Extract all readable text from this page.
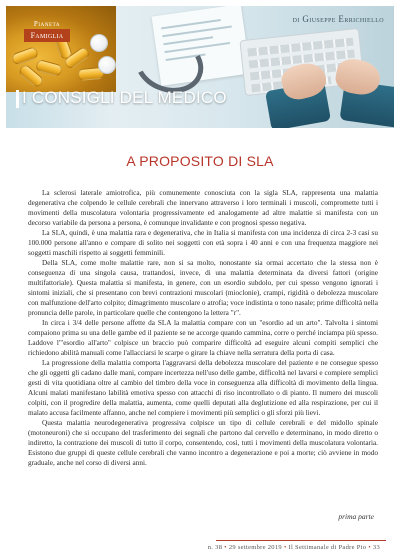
Pianeta
Famiglia
di Giuseppe Errichiello
I CONSIGLI DEL MEDICO
A PROPOSITO DI SLA

La sclerosi laterale amiotrofica, più comunemente conosciuta con la sigla SLA, rappresenta una malattia degenerativa che colpendo le cellule cerebrali che innervano attraverso i loro terminali i muscoli, compromette tutti i movimenti della muscolatura volontaria progressivamente ed analogamente ad altre malattie si manifesta con un decorso variabile da persona a persona, è comunque invalidante e con prognosi spesso negativa.

La SLA, quindi, è una malattia rara e degenerativa, che in Italia si manifesta con una incidenza di circa 2-3 casi su 100.000 persone all'anno e compare di solito nei soggetti con età sopra i 40 anni e con una frequenza maggiore nei soggetti maschili rispetto ai soggetti femminili.

Della SLA, come molte malattie rare, non si sa molto, nonostante sia ormai accertato che la stessa non è conseguenza di una singola causa, trattandosi, invece, di una malattia determinata da diversi fattori (origine multifattoriale). Questa malattia si manifesta, in genere, con un esordio subdolo, per cui spesso vengono ignorati i sintomi iniziali, che si presentano con brevi contrazioni muscolari (mioclonie), crampi, rigidità o debolezza muscolare con malfunzione dell'arto colpito; dimagrimento muscolare o atrofia; voce indistinta o tono nasale; prime difficoltà nella pronuncia delle parole, in particolare quelle che contengono la lettera "r".

In circa i 3/4 delle persone affette da SLA la malattia compare con un "esordio ad un arto". Talvolta i sintomi compaiono prima su una delle gambe ed il paziente se ne accorge quando cammina, corre o perché inciampa più spesso. Laddove l'"esordio all'arto" colpisce un braccio può comparire difficoltà ad eseguire alcuni compiti semplici che richiedono abilità manuali come l'allacciarsi le scarpe o girare la chiave nella serratura della porta di casa.

La progressione della malattia comporta l'aggravarsi della debolezza muscolare del paziente e ne consegue spesso che gli oggetti gli cadano dalle mani, compare incertezza nell'uso delle gambe, difficoltà nel lavarsi e compiere semplici gesti di vita quotidiana oltre al cambio del timbro della voce in conseguenza alla difficoltà di movimento della lingua. Alcuni malati manifestano labilità emotiva spesso con attacchi di riso incontrollato o di pianto. Il numero dei muscoli colpiti, con il progredire della malattia, aumenta, come quelli deputati alla deglutizione ed alla respirazione, per cui il malato accusa facilmente affanno, anche nel compiere i movimenti più semplici o gli sforzi più lievi.

Questa malattia neurodegenerativa progressiva colpisce un tipo di cellule cerebrali e del midollo spinale (motoneuroni) che si occupano del trasferimento dei segnali che partono dal cervello e determinano, in modo diretto o indiretto, la contrazione dei muscoli di tutto il corpo, consentendo, così, tutti i movimenti della muscolatura volontaria. Esistono due gruppi di queste cellule cerebrali che vanno incontro a degenerazione e poi a morte; ciò avviene in modo graduale, anche nel corso di diversi anni.

prima parte
n. 38 • 29 settembre 2019 • Il Settimanale di Padre Pio • 33
